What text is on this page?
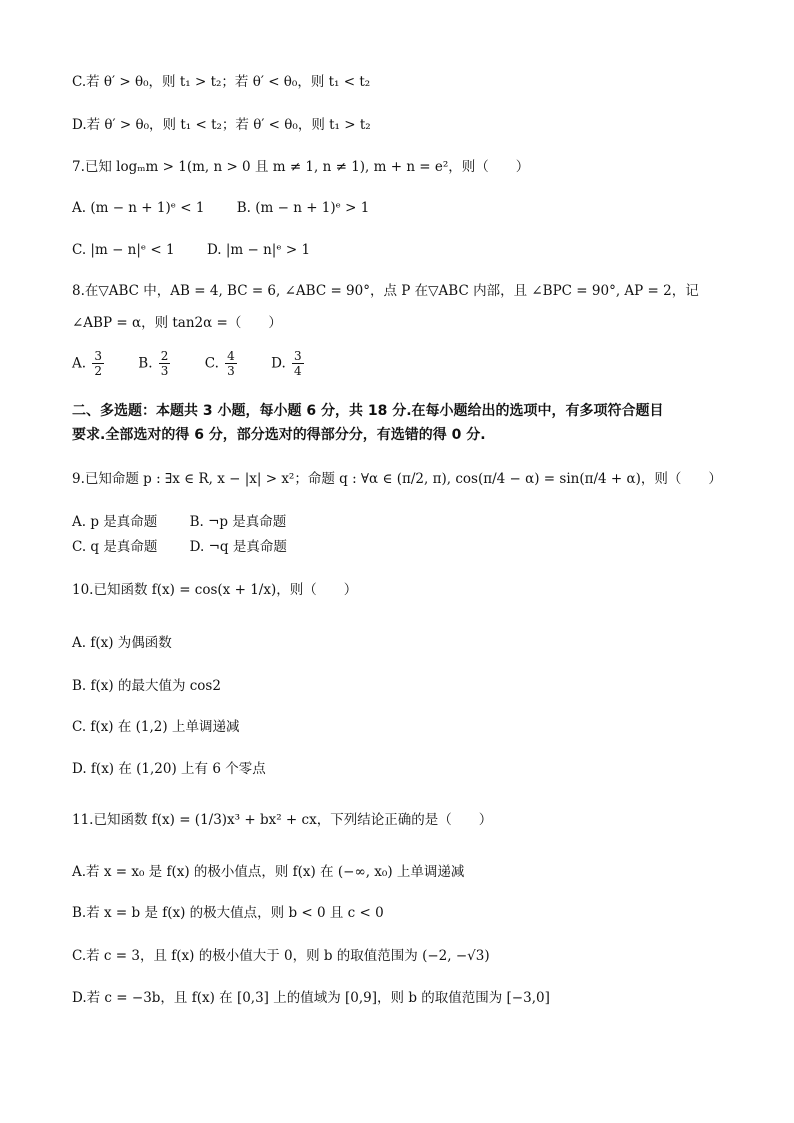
C.若 θ′ > θ₀，则 t₁ > t₂；若 θ′ < θ₀，则 t₁ < t₂
D.若 θ′ > θ₀，则 t₁ < t₂；若 θ′ < θ₀，则 t₁ > t₂
7.已知 logₘm > 1(m, n > 0 且 m ≠ 1, n ≠ 1), m + n = e²，则（　　）
A. (m − n + 1)ᵉ < 1 B. (m − n + 1)ᵉ > 1
C. |m − n|ᵉ < 1 D. |m − n|ᵉ > 1
8.在▽ABC 中，AB = 4, BC = 6, ∠ABC = 90°，点 P 在▽ABC 内部，且 ∠BPC = 90°, AP = 2，记
∠ABP = α，则 tan2α =（　　）
A. $\frac{3}{2}$	B. $\frac{2}{3}$	C. $\frac{4}{3}$	D. $\frac{3}{4}$
二、多选题：本题共 3 小题，每小题 6 分，共 18 分.在每小题给出的选项中，有多项符合题目
要求.全部选对的得 6 分，部分选对的得部分分，有选错的得 0 分.
9.已知命题 p : ∃x ∈ R, x − |x| > x²；命题 q : ∀α ∈ (π/2, π), cos(π/4 − α) = sin(π/4 + α)，则（　　）
A. p 是真命题 B. ¬p 是真命题
C. q 是真命题 D. ¬q 是真命题
10.已知函数 f(x) = cos(x + 1/x)，则（　　）
A. f(x) 为偶函数
B. f(x) 的最大值为 cos2
C. f(x) 在 (1,2) 上单调递减
D. f(x) 在 (1,20) 上有 6 个零点
11.已知函数 f(x) = (1/3)x³ + bx² + cx，下列结论正确的是（　　）
A.若 x = x₀ 是 f(x) 的极小值点，则 f(x) 在 (−∞, x₀) 上单调递减
B.若 x = b 是 f(x) 的极大值点，则 b < 0 且 c < 0
C.若 c = 3，且 f(x) 的极小值大于 0，则 b 的取值范围为 (−2, −√3)
D.若 c = −3b，且 f(x) 在 [0,3] 上的值域为 [0,9]，则 b 的取值范围为 [−3,0]
